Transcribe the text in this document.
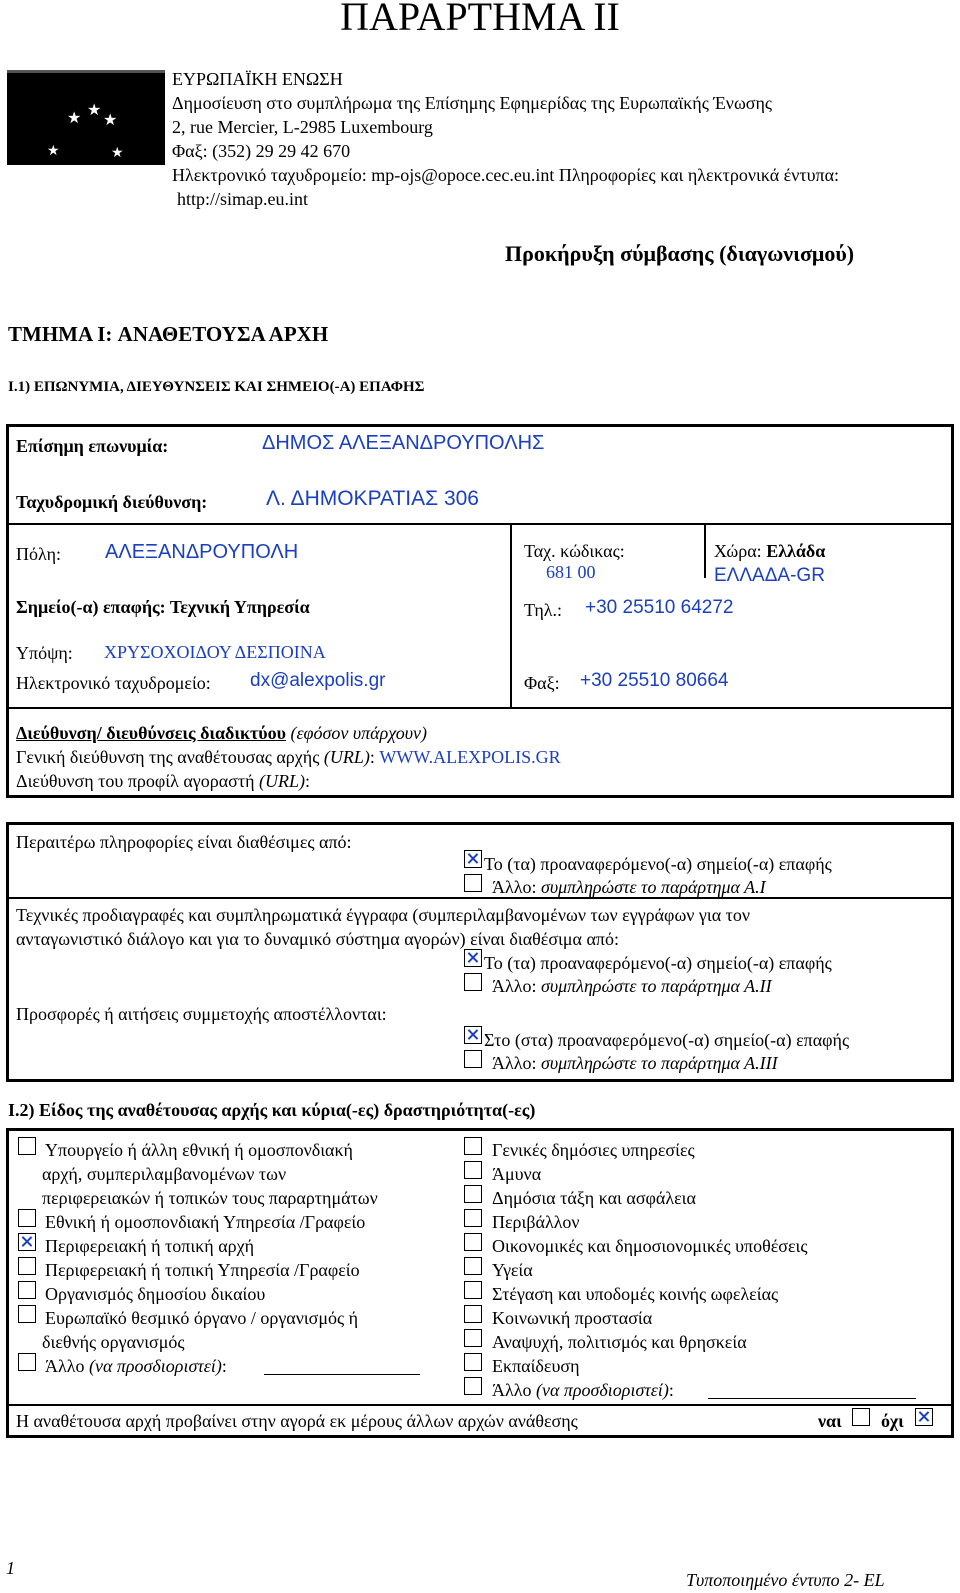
ΠΑΡΑΡΤΗΜΑ II
★ ★
★
★	★
ΕΥΡΩΠΑΪΚΗ ΕΝΩΣΗ
Δημοσίευση στο συμπλήρωμα της Επίσημης Εφημερίδας της Ευρωπαϊκής Ένωσης
2, rue Mercier, L-2985 Luxembourg
Φαξ: (352) 29 29 42 670
Ηλεκτρονικό ταχυδρομείο: mp-ojs@opoce.cec.eu.int Πληροφορίες και ηλεκτρονικά έντυπα:
http://simap.eu.int
Προκήρυξη σύμβασης (διαγωνισμού)
ΤΜΗΜΑ I: ΑΝΑΘΕΤΟΥΣΑ ΑΡΧΗ
I.1) ΕΠΩΝΥΜΙΑ, ΔΙΕΥΘΥΝΣΕΙΣ ΚΑΙ ΣΗΜΕΙΟ(-Α) ΕΠΑΦΗΣ
Επίσημη επωνυμία:	ΔΗΜΟΣ ΑΛΕΞΑΝΔΡΟΥΠΟΛΗΣ
Ταχυδρομική διεύθυνση:	Λ. ΔΗΜΟΚΡΑΤΙΑΣ 306
Πόλη: ΑΛΕΞΑΝΔΡΟΥΠΟΛΗ	Ταχ. κώδικας:
681 00
Χώρα: Ελλάδα
ΕΛΛΑΔΑ-GR
Σημείο(-α) επαφής: Τεχνική Υπηρεσία	Τηλ.: +30 25510 64272
Υπόψη: ΧΡΥΣΟΧΟΙΔΟΥ ΔΕΣΠΟΙΝΑ
Ηλεκτρονικό ταχυδρομείο: dx@alexpolis.gr	Φαξ: +30 25510 80664
Διεύθυνση/ διευθύνσεις διαδικτύου (εφόσον υπάρχουν)
Γενική διεύθυνση της αναθέτουσας αρχής (URL): WWW.ALEXPOLIS.GR
Διεύθυνση του προφίλ αγοραστή (URL):
Περαιτέρω πληροφορίες είναι διαθέσιμες από:
Το (τα) προαναφερόμενο(-α) σημείο(-α) επαφής
Άλλο: συμπληρώστε το παράρτημα Α.I
Τεχνικές προδιαγραφές και συμπληρωματικά έγγραφα (συμπεριλαμβανομένων των εγγράφων για τον
ανταγωνιστικό διάλογο και για το δυναμικό σύστημα αγορών) είναι διαθέσιμα από:
Το (τα) προαναφερόμενο(-α) σημείο(-α) επαφής
Άλλο: συμπληρώστε το παράρτημα Α.II
Προσφορές ή αιτήσεις συμμετοχής αποστέλλονται:
Στο (στα) προαναφερόμενο(-α) σημείο(-α) επαφής
Άλλο: συμπληρώστε το παράρτημα Α.III
I.2) Είδος της αναθέτουσας αρχής και κύρια(-ες) δραστηριότητα(-ες)
Υπουργείο ή άλλη εθνική ή ομοσπονδιακή
αρχή, συμπεριλαμβανομένων των
περιφερειακών ή τοπικών τους παραρτημάτων
Εθνική ή ομοσπονδιακή Υπηρεσία /Γραφείο
Περιφερειακή ή τοπική αρχή
Περιφερειακή ή τοπική Υπηρεσία /Γραφείο
Οργανισμός δημοσίου δικαίου
Ευρωπαϊκό θεσμικό όργανο / οργανισμός ή
διεθνής οργανισμός
Άλλο (να προσδιοριστεί):
Γενικές δημόσιες υπηρεσίες
Άμυνα
Δημόσια τάξη και ασφάλεια
Περιβάλλον
Οικονομικές και δημοσιονομικές υποθέσεις
Υγεία
Στέγαση και υποδομές κοινής ωφελείας
Κοινωνική προστασία
Αναψυχή, πολιτισμός και θρησκεία
Εκπαίδευση
Άλλο (να προσδιοριστεί):
Η αναθέτουσα αρχή προβαίνει στην αγορά εκ μέρους άλλων αρχών ανάθεσης	ναι όχι
1
Τυποποιημένο έντυπο 2- EL
